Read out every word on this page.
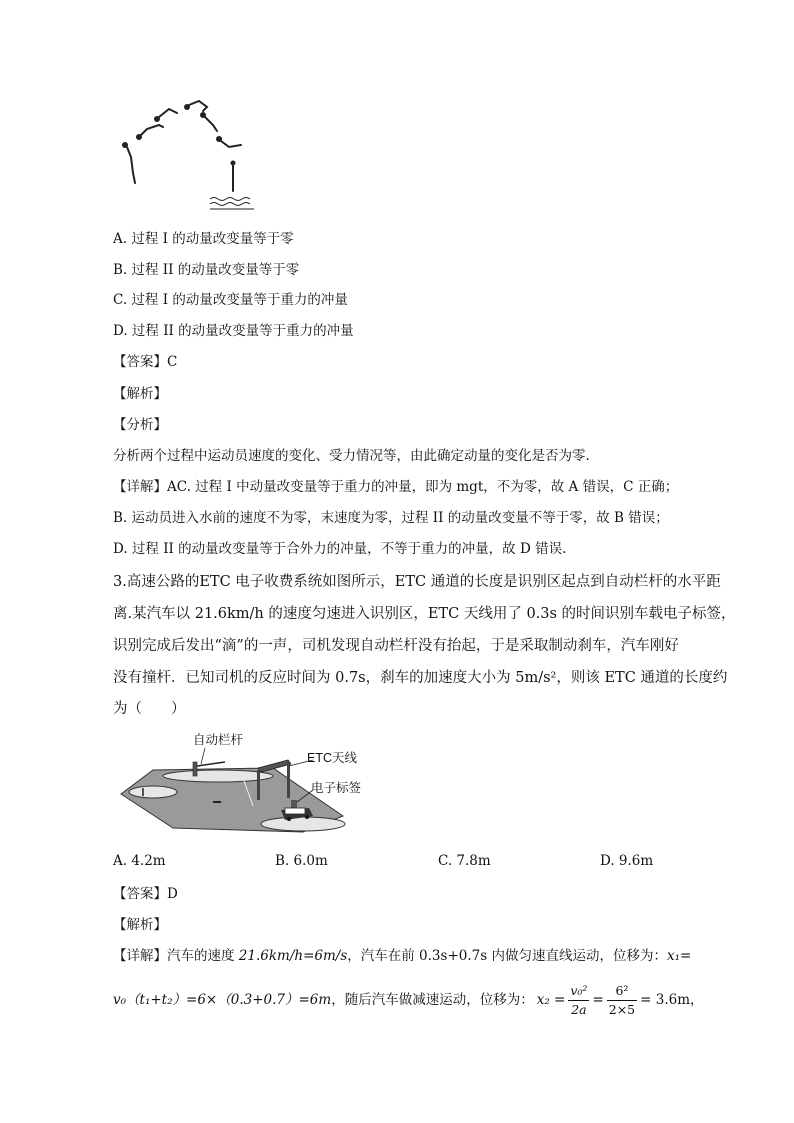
A. 过程 I 的动量改变量等于零
B. 过程 II 的动量改变量等于零
C. 过程 I 的动量改变量等于重力的冲量
D. 过程 II 的动量改变量等于重力的冲量
【答案】C
【解析】
【分析】
分析两个过程中运动员速度的变化、受力情况等，由此确定动量的变化是否为零.
【详解】AC. 过程 I 中动量改变量等于重力的冲量，即为 mgt，不为零，故 A 错误，C 正确；
B. 运动员进入水前的速度不为零，末速度为零，过程 II 的动量改变量不等于零，故 B 错误；
D. 过程 II 的动量改变量等于合外力的冲量，不等于重力的冲量，故 D 错误.
3.高速公路的ETC 电子收费系统如图所示，ETC 通道的长度是识别区起点到自动栏杆的水平距
离.某汽车以 21.6km/h 的速度匀速进入识别区，ETC 天线用了 0.3s 的时间识别车载电子标签，
识别完成后发出“滴”的一声，司机发现自动栏杆没有抬起，于是采取制动刹车，汽车刚好
没有撞杆．已知司机的反应时间为 0.7s，刹车的加速度大小为 5m/s²，则该 ETC 通道的长度约
为（　　）
自动栏杆
ETC天线
电子标签
A. 4.2m	B. 6.0m	C. 7.8m	D. 9.6m
【答案】D
【解析】
【详解】汽车的速度 21.6km/h=6m/s，汽车在前 0.3s+0.7s 内做匀速直线运动，位移为：x₁=
v₀（t₁+t₂）=6×（0.3+0.7）=6m ，随后汽车做减速运动，位移为： $x_2 = \frac{\text{v₀²}}{2a} = \frac{\text{6²}}{2\times 5} = 3.6m$，
